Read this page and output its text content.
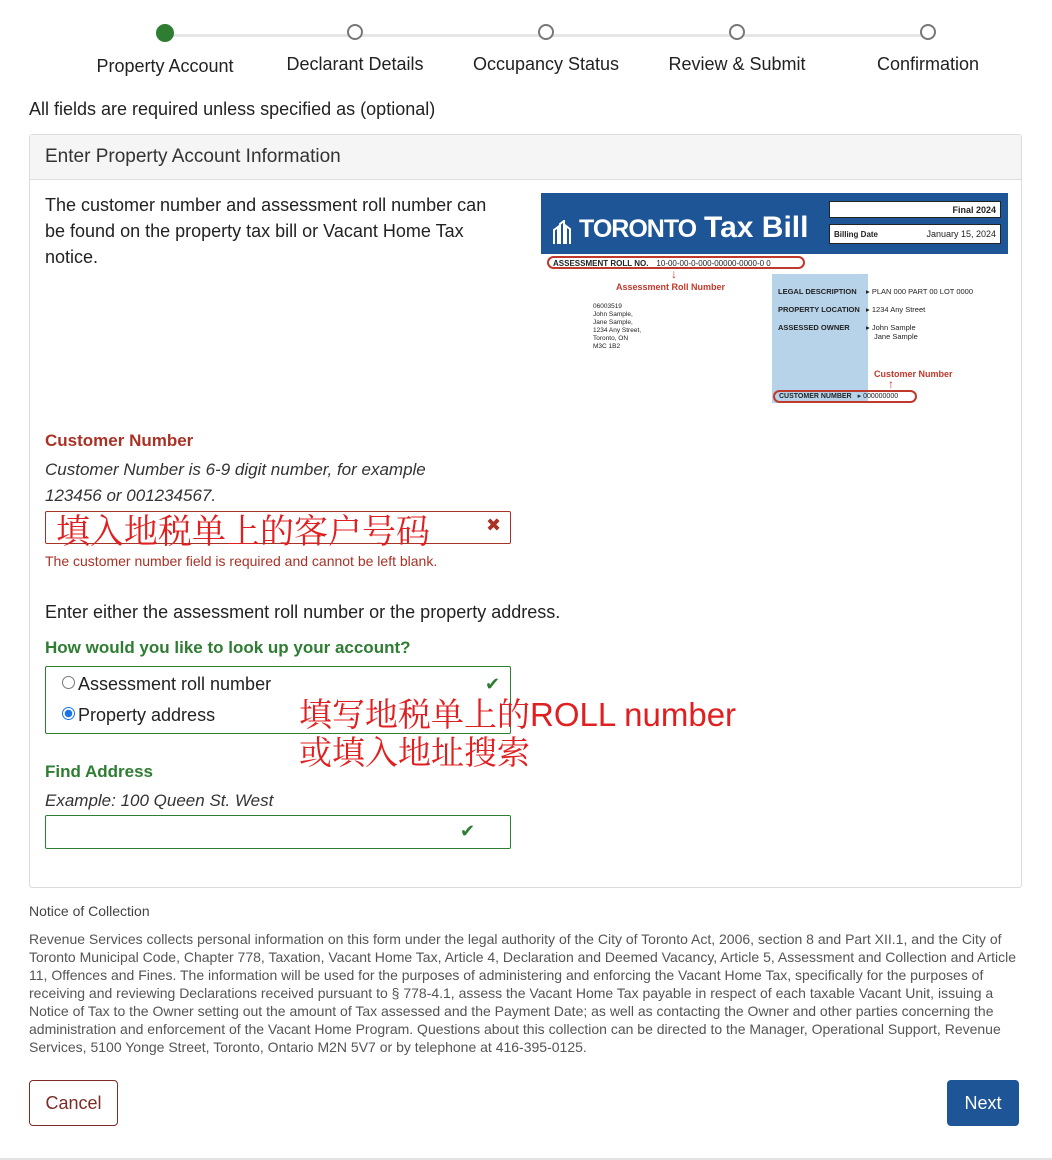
Property Account	Declarant Details	Occupancy Status	Review & Submit	Confirmation
All fields are required unless specified as (optional)
Enter Property Account Information
The customer number and assessment roll number can be found on the property tax bill or Vacant Home Tax notice.
TORONTO Tax Bill
Final 2024
Billing Date	January 15, 2024
ASSESSMENT ROLL NO. 10-00-00-0-000-00000-0000-0 0
↓
Assessment Roll Number
06003519
John Sample,
Jane Sample,
1234 Any Street,
Toronto, ON
M3C 1B2
LEGAL DESCRIPTION ▸ PLAN 000 PART 00 LOT 0000
PROPERTY LOCATION ▸ 1234 Any Street
ASSESSED OWNER ▸ John Sample
Jane Sample
Customer Number
↑
CUSTOMER NUMBER ▸ 000000000
Customer Number
Customer Number is 6-9 digit number, for example 123456 or 001234567.
填入地税单上的客户号码	✖
The customer number field is required and cannot be left blank.
Enter either the assessment roll number or the property address.
How would you like to look up your account?
Assessment roll number
Property address
✔
填写地税单上的ROLL number
或填入地址搜索
Find Address
Example: 100 Queen St. West
✔
Notice of Collection
Revenue Services collects personal information on this form under the legal authority of the City of Toronto Act, 2006, section 8 and Part XII.1, and the City of Toronto Municipal Code, Chapter 778, Taxation, Vacant Home Tax, Article 4, Declaration and Deemed Vacancy, Article 5, Assessment and Collection and Article 11, Offences and Fines. The information will be used for the purposes of administering and enforcing the Vacant Home Tax, specifically for the purposes of receiving and reviewing Declarations received pursuant to § 778-4.1, assess the Vacant Home Tax payable in respect of each taxable Vacant Unit, issuing a Notice of Tax to the Owner setting out the amount of Tax assessed and the Payment Date; as well as contacting the Owner and other parties concerning the administration and enforcement of the Vacant Home Program. Questions about this collection can be directed to the Manager, Operational Support, Revenue Services, 5100 Yonge Street, Toronto, Ontario M2N 5V7 or by telephone at 416-395-0125.
Cancel	Next
